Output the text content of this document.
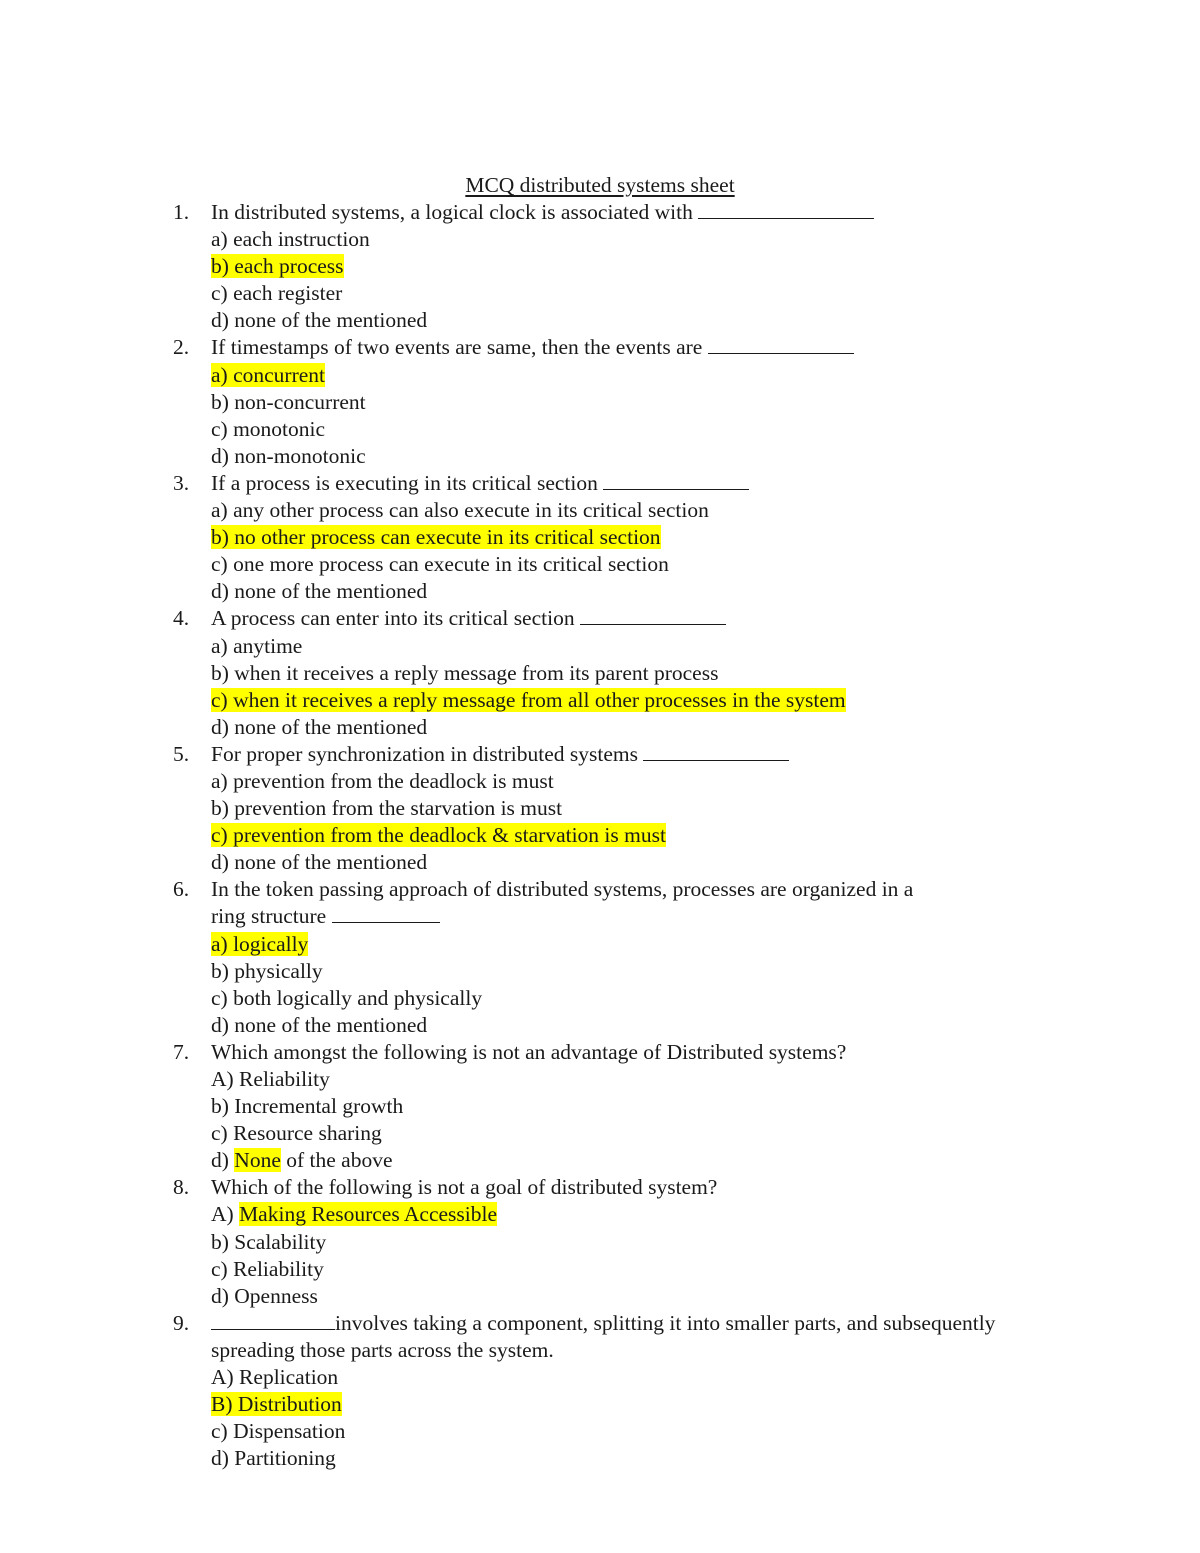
MCQ distributed systems sheet
1.	In distributed systems, a logical clock is associated with
a) each instruction
b) each process
c) each register
d) none of the mentioned
2.	If timestamps of two events are same, then the events are
a) concurrent
b) non-concurrent
c) monotonic
d) non-monotonic
3.	If a process is executing in its critical section
a) any other process can also execute in its critical section
b) no other process can execute in its critical section
c) one more process can execute in its critical section
d) none of the mentioned
4.	A process can enter into its critical section
a) anytime
b) when it receives a reply message from its parent process
c) when it receives a reply message from all other processes in the system
d) none of the mentioned
5.	For proper synchronization in distributed systems
a) prevention from the deadlock is must
b) prevention from the starvation is must
c) prevention from the deadlock & starvation is must
d) none of the mentioned
6.	In the token passing approach of distributed systems, processes are organized in a
ring structure
a) logically
b) physically
c) both logically and physically
d) none of the mentioned
7.	Which amongst the following is not an advantage of Distributed systems?
A) Reliability
b) Incremental growth
c) Resource sharing
d) None of the above
8.	Which of the following is not a goal of distributed system?
A) Making Resources Accessible
b) Scalability
c) Reliability
d) Openness
9.	involves taking a component, splitting it into smaller parts, and subsequently
spreading those parts across the system.
A) Replication
B) Distribution
c) Dispensation
d) Partitioning
